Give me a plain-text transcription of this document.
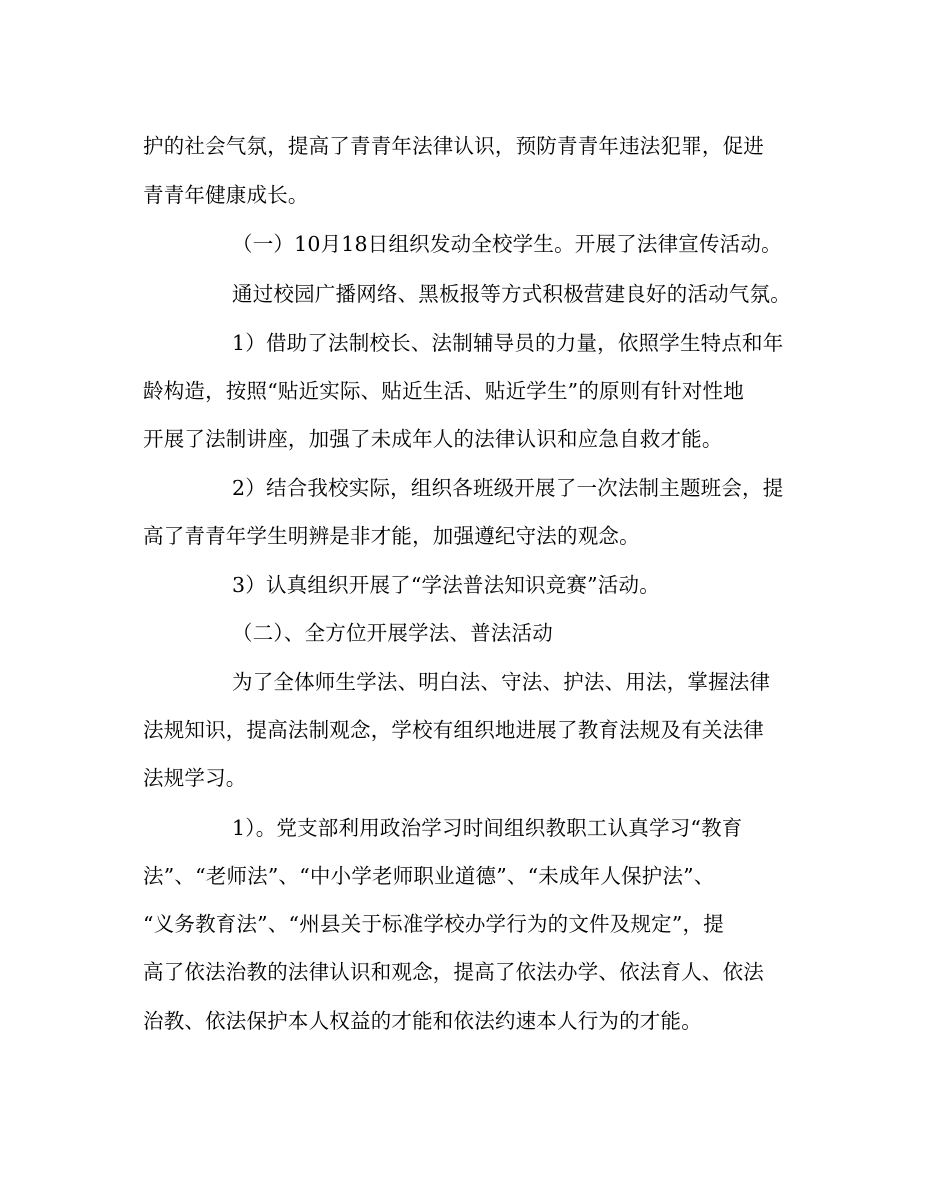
护的社会气氛，提高了青青年法律认识，预防青青年违法犯罪，促进
青青年健康成长。
（一）10月18日组织发动全校学生。开展了法律宣传活动。
通过校园广播网络、黑板报等方式积极营建良好的活动气氛。
1）借助了法制校长、法制辅导员的力量，依照学生特点和年
龄构造，按照“贴近实际、贴近生活、贴近学生”的原则有针对性地
开展了法制讲座，加强了未成年人的法律认识和应急自救才能。
2）结合我校实际，组织各班级开展了一次法制主题班会，提
高了青青年学生明辨是非才能，加强遵纪守法的观念。
3）认真组织开展了“学法普法知识竞赛”活动。
（二）、全方位开展学法、普法活动
为了全体师生学法、明白法、守法、护法、用法，掌握法律
法规知识，提高法制观念，学校有组织地进展了教育法规及有关法律
法规学习。
1）。党支部利用政治学习时间组织教职工认真学习“教育
法”、“老师法”、“中小学老师职业道德”、“未成年人保护法”、
“义务教育法”、“州县关于标准学校办学行为的文件及规定”，提
高了依法治教的法律认识和观念，提高了依法办学、依法育人、依法
治教、依法保护本人权益的才能和依法约速本人行为的才能。
